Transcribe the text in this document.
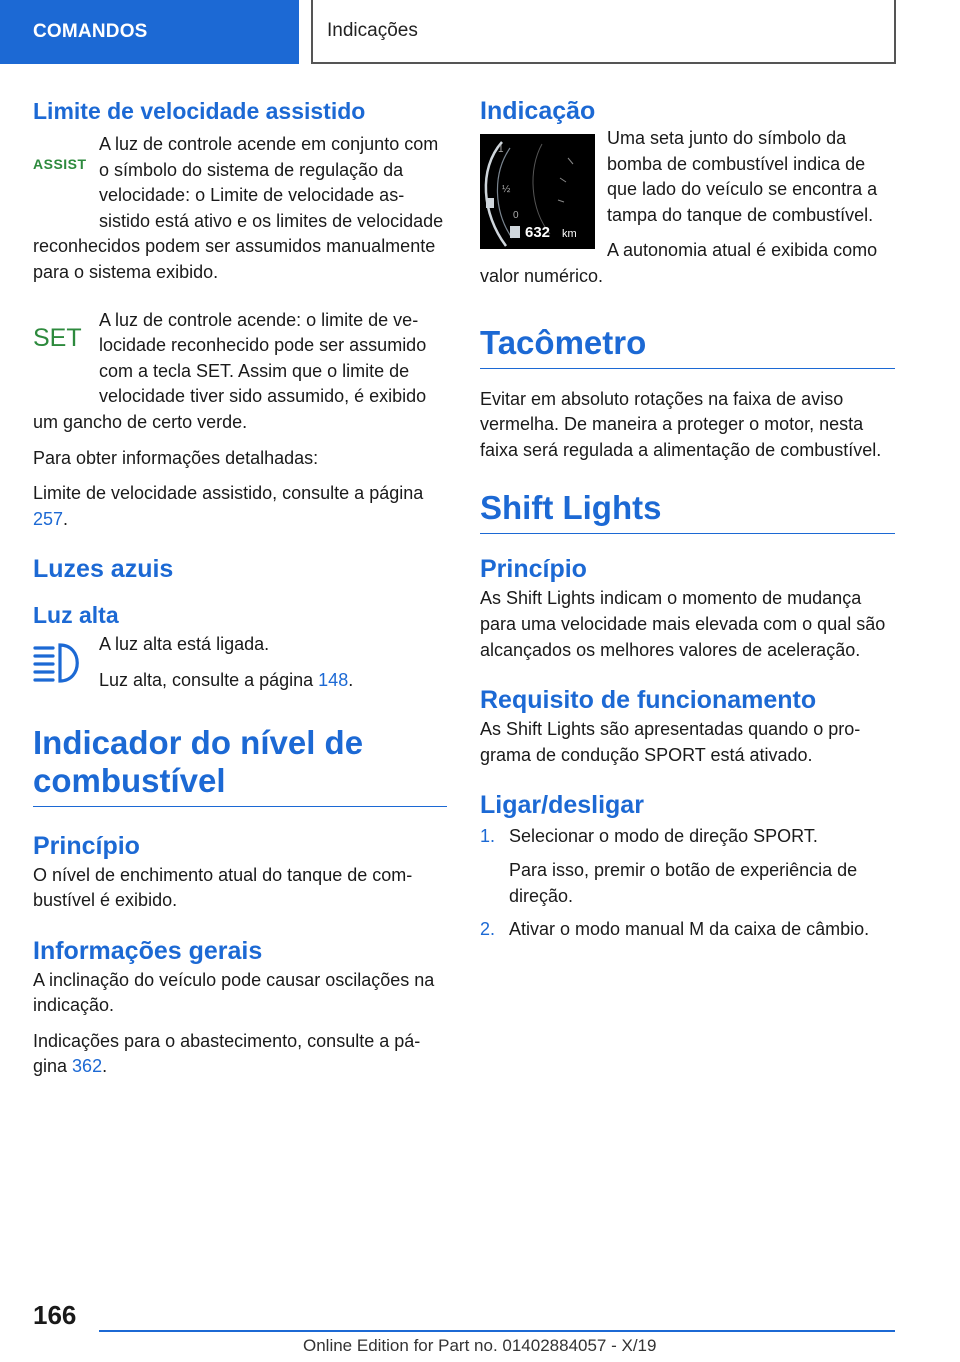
COMANDOS	Indicações
Limite de velocidade assistido
ASSIST

A luz de controle acende em conjunto com o símbolo do sistema de regulação da velocidade: o Limite de velocidade assistido está ativo e os limites de velocidade reconhecidos podem ser assumidos manualmente para o sistema exibido.

SET

A luz de controle acende: o limite de velocidade reconhecido pode ser assumido com a tecla SET. Assim que o limite de velocidade tiver sido assumido, é exibido um gancho de certo verde.

Para obter informações detalhadas:

Limite de velocidade assistido, consulte a página 257.

Luzes azuis
Luz alta

A luz alta está ligada.

Luz alta, consulte a página 148.

Indicador do nível de combustível
Princípio

O nível de enchimento atual do tanque de combustível é exibido.

Informações gerais

A inclinação do veículo pode causar oscilações na indicação.

Indicações para o abastecimento, consulte a página 362.

Indicação
1
½
0
632 km

Uma seta junto do símbolo da bomba de combustível indica de que lado do veículo se encontra a tampa do tanque de combustível.

A autonomia atual é exibida como valor numérico.

Tacômetro

Evitar em absoluto rotações na faixa de aviso vermelha. De maneira a proteger o motor, nesta faixa será regulada a alimentação de combustível.

Shift Lights
Princípio

As Shift Lights indicam o momento de mudança para uma velocidade mais elevada com o qual são alcançados os melhores valores de aceleração.

Requisito de funcionamento

As Shift Lights são apresentadas quando o programa de condução SPORT está ativado.

Ligar/desligar
1. Selecionar o modo de direção SPORT.
Para isso, premir o botão de experiência de direção.
2. Ativar o modo manual M da caixa de câmbio.
166
Online Edition for Part no. 01402884057 - X/19
